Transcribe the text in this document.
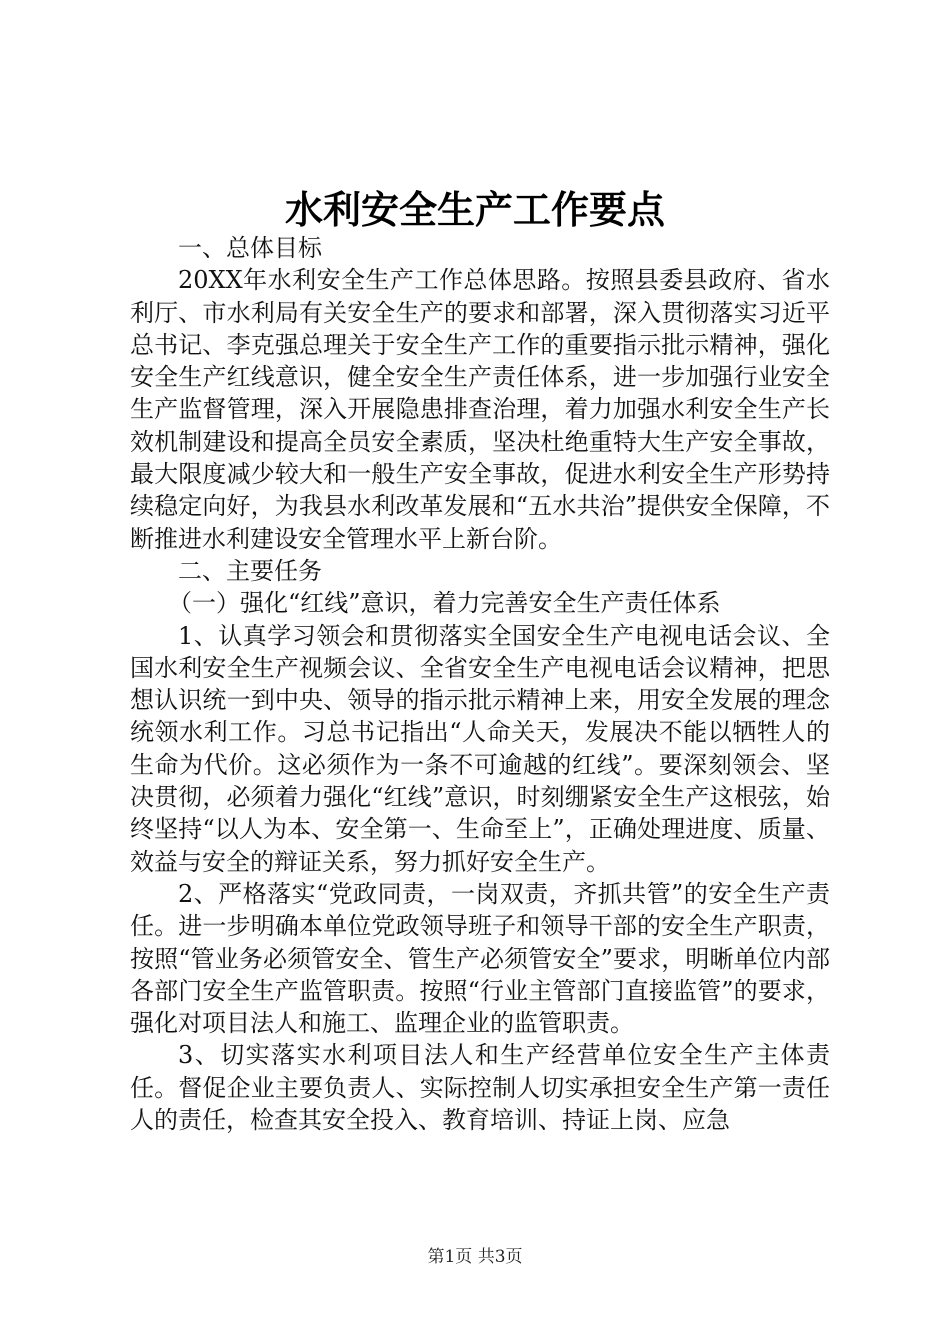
水利安全生产工作要点

一、总体目标

20XX年水利安全生产工作总体思路。按照县委县政府、省水利厅、市水利局有关安全生产的要求和部署，深入贯彻落实习近平总书记、李克强总理关于安全生产工作的重要指示批示精神，强化安全生产红线意识，健全安全生产责任体系，进一步加强行业安全生产监督管理，深入开展隐患排查治理，着力加强水利安全生产长效机制建设和提高全员安全素质，坚决杜绝重特大生产安全事故，最大限度减少较大和一般生产安全事故，促进水利安全生产形势持续稳定向好，为我县水利改革发展和“五水共治”提供安全保障，不断推进水利建设安全管理水平上新台阶。

二、主要任务

（一）强化“红线”意识，着力完善安全生产责任体系

1、认真学习领会和贯彻落实全国安全生产电视电话会议、全国水利安全生产视频会议、全省安全生产电视电话会议精神，把思想认识统一到中央、领导的指示批示精神上来，用安全发展的理念统领水利工作。习总书记指出“人命关天，发展决不能以牺牲人的生命为代价。这必须作为一条不可逾越的红线”。要深刻领会、坚决贯彻，必须着力强化“红线”意识，时刻绷紧安全生产这根弦，始终坚持“以人为本、安全第一、生命至上”，正确处理进度、质量、效益与安全的辩证关系，努力抓好安全生产。

2、严格落实“党政同责，一岗双责，齐抓共管”的安全生产责任。进一步明确本单位党政领导班子和领导干部的安全生产职责，按照“管业务必须管安全、管生产必须管安全”要求，明晰单位内部各部门安全生产监管职责。按照“行业主管部门直接监管”的要求，强化对项目法人和施工、监理企业的监管职责。

3、切实落实水利项目法人和生产经营单位安全生产主体责任。督促企业主要负责人、实际控制人切实承担安全生产第一责任人的责任，检查其安全投入、教育培训、持证上岗、应急

第1页 共3页
